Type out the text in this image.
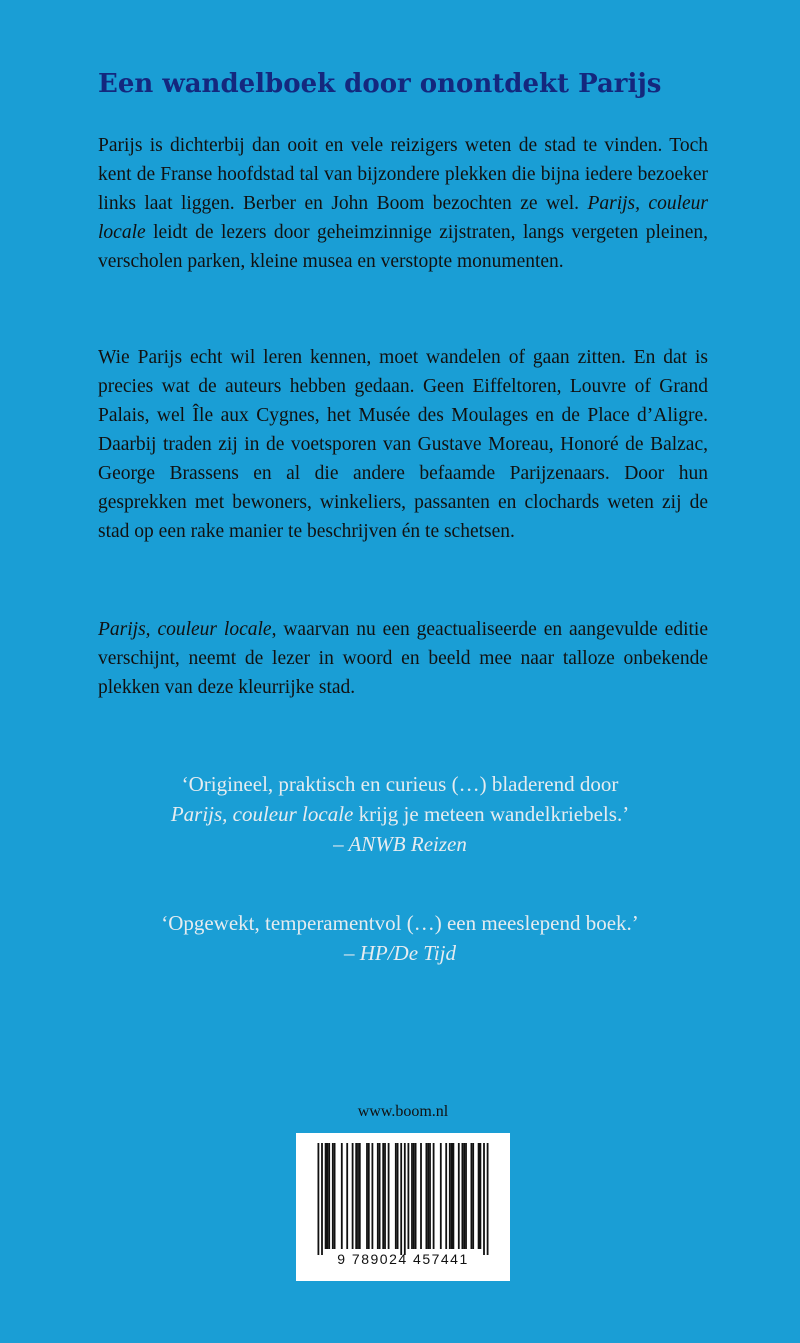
Een wandelboek door onontdekt Parijs

Parijs is dichterbij dan ooit en vele reizigers weten de stad te vinden. Toch kent de Franse hoofdstad tal van bijzondere plekken die bijna iedere bezoeker links laat liggen. Berber en John Boom bezochten ze wel. Parijs, couleur locale leidt de lezers door geheimzinnige zijstraten, langs vergeten pleinen, verscholen parken, kleine musea en verstopte monumenten.

Wie Parijs echt wil leren kennen, moet wandelen of gaan zitten. En dat is precies wat de auteurs hebben gedaan. Geen Eiffeltoren, Louvre of Grand Palais, wel Île aux Cygnes, het Musée des Moulages en de Place d’Aligre. Daarbij traden zij in de voetsporen van Gustave Moreau, Honoré de Balzac, George Brassens en al die andere befaamde Parijzenaars. Door hun gesprekken met bewoners, winkeliers, passanten en clochards weten zij de stad op een rake manier te beschrijven én te schetsen.

Parijs, couleur locale, waarvan nu een geactualiseerde en aangevulde editie verschijnt, neemt de lezer in woord en beeld mee naar talloze onbekende plekken van deze kleurrijke stad.

‘Origineel, praktisch en curieus (…) bladerend door
Parijs, couleur locale krijg je meteen wandelkriebels.’
– ANWB Reizen
‘Opgewekt, temperamentvol (…) een meeslepend boek.’
– HP/De Tijd
www.boom.nl
9 789024 457441
